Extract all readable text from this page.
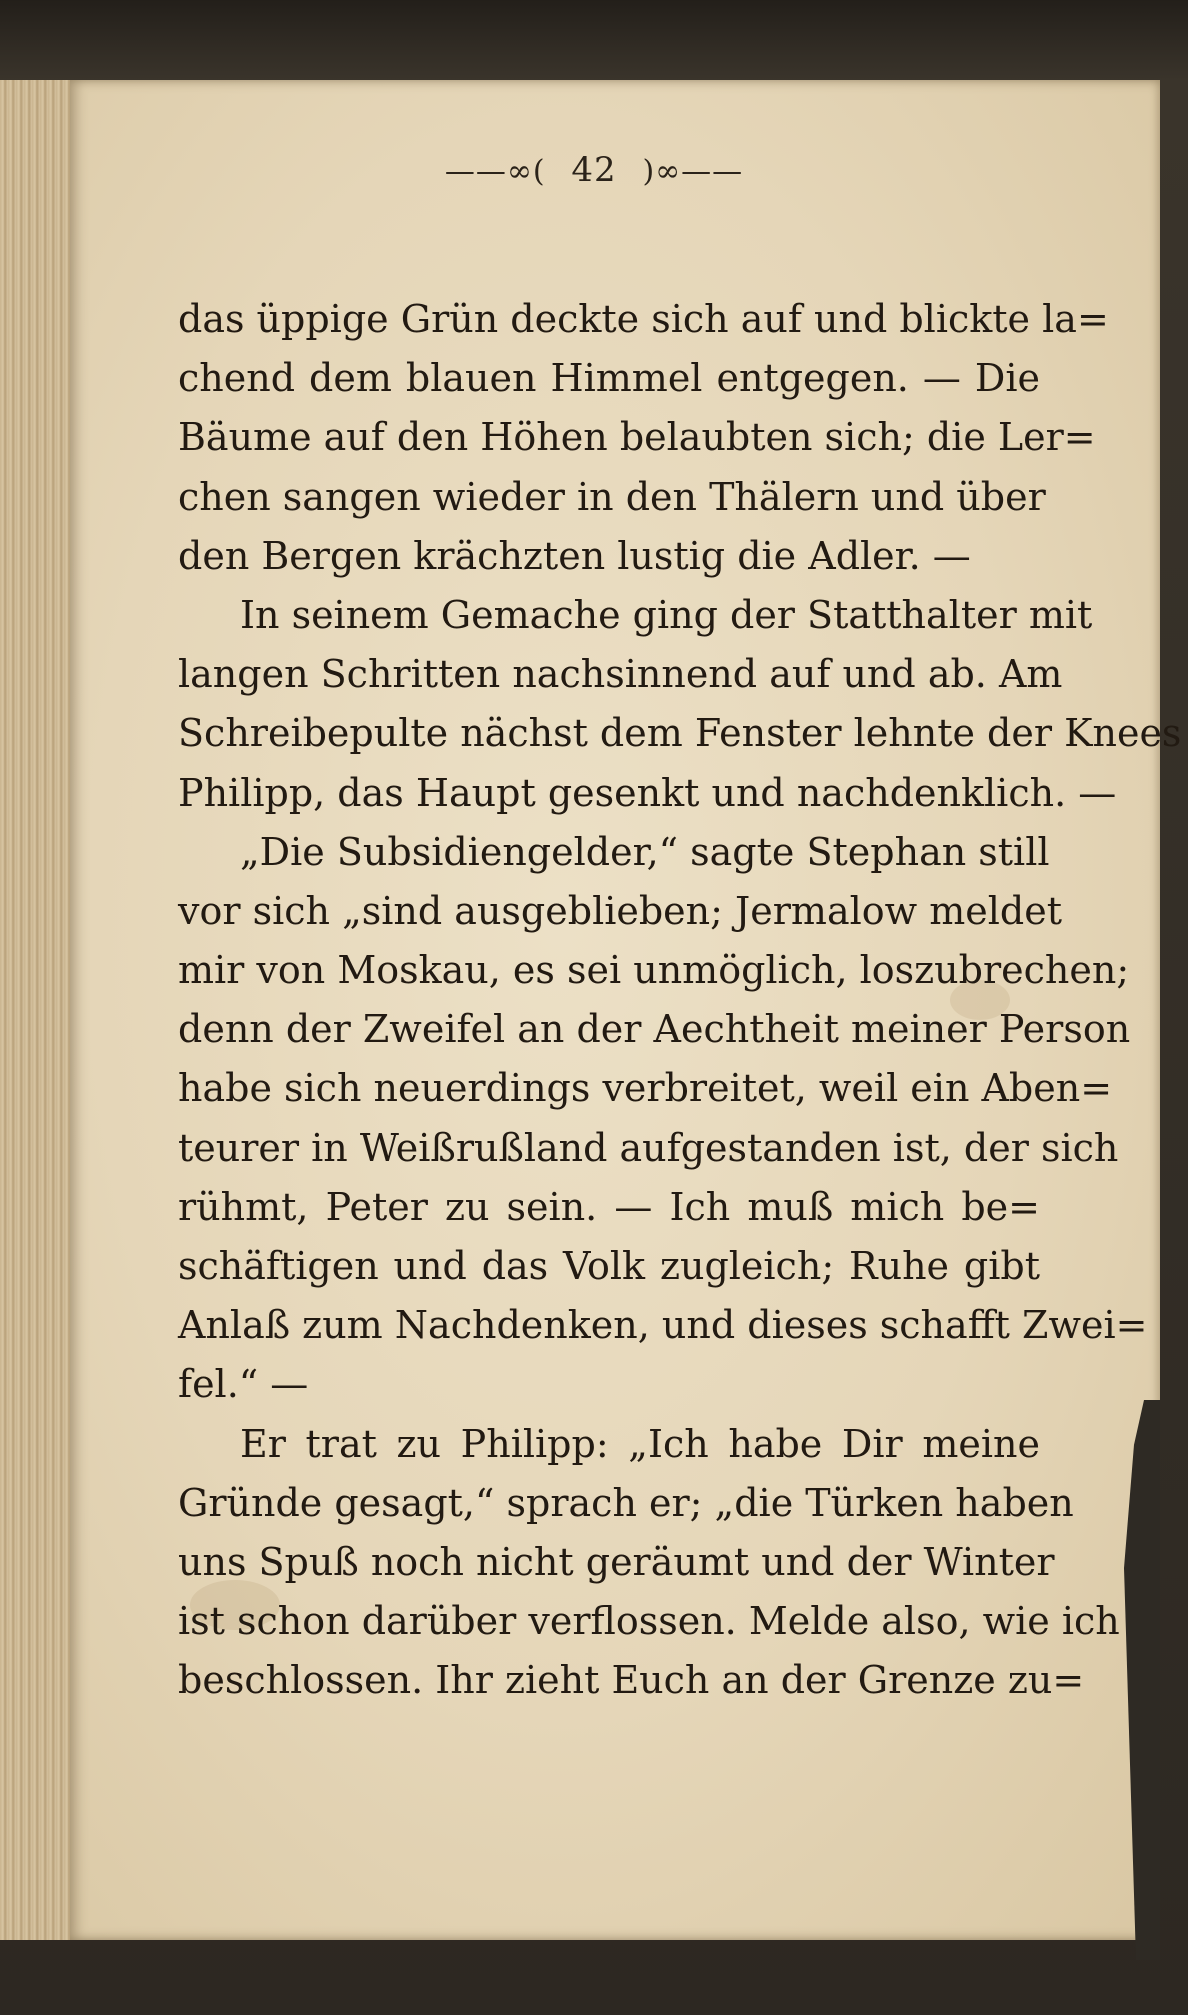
——∞( 42 )∞——
das üppige Grün deckte sich auf und blickte la=
chend dem blauen Himmel entgegen. — Die
Bäume auf den Höhen belaubten sich; die Ler=
chen sangen wieder in den Thälern und über
den Bergen krächzten lustig die Adler. —
In seinem Gemache ging der Statthalter mit
langen Schritten nachsinnend auf und ab. Am
Schreibepulte nächst dem Fenster lehnte der Knees
Philipp, das Haupt gesenkt und nachdenklich. —
„Die Subsidiengelder,“ sagte Stephan still
vor sich „sind ausgeblieben; Jermalow meldet
mir von Moskau, es sei unmöglich, loszubrechen;
denn der Zweifel an der Aechtheit meiner Person
habe sich neuerdings verbreitet, weil ein Aben=
teurer in Weißrußland aufgestanden ist, der sich
rühmt, Peter zu sein. — Ich muß mich be=
schäftigen und das Volk zugleich; Ruhe gibt
Anlaß zum Nachdenken, und dieses schafft Zwei=
fel.“ —
Er trat zu Philipp: „Ich habe Dir meine
Gründe gesagt,“ sprach er; „die Türken haben
uns Spuß noch nicht geräumt und der Winter
ist schon darüber verflossen. Melde also, wie ich
beschlossen. Ihr zieht Euch an der Grenze zu=
